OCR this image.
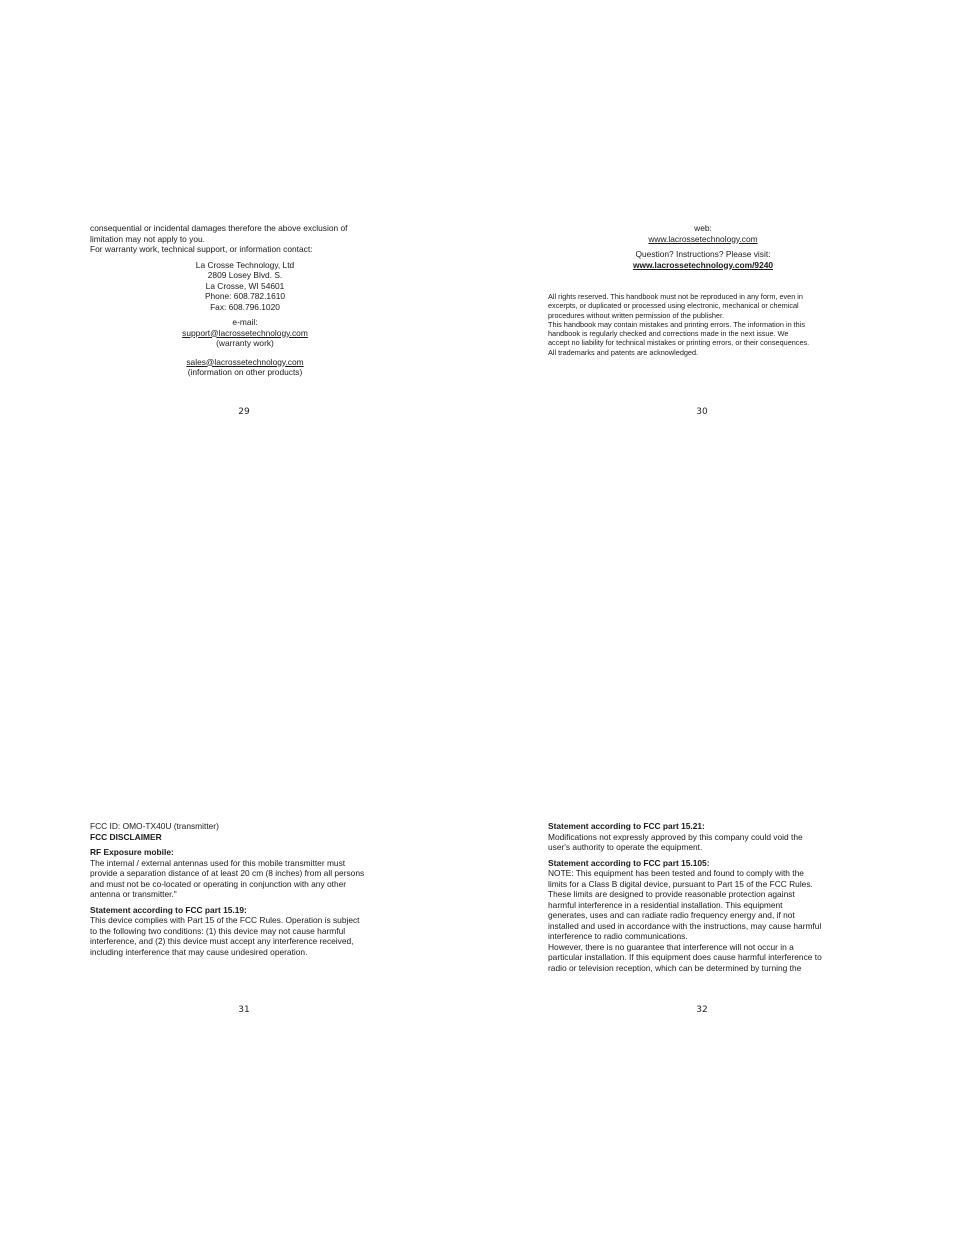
consequential or incidental damages therefore the above exclusion of

limitation may not apply to you.

For warranty work, technical support, or information contact:

La Crosse Technology, Ltd

2809 Losey Blvd. S.

La Crosse, WI 54601

Phone: 608.782.1610

Fax: 608.796.1020

e-mail:

support@lacrossetechnology.com

(warranty work)

sales@lacrossetechnology.com

(information on other products)

29

web:

www.lacrossetechnology.com

Question? Instructions? Please visit:

www.lacrossetechnology.com/9240

All rights reserved. This handbook must not be reproduced in any form, even in

excerpts, or duplicated or processed using electronic, mechanical or chemical

procedures without written permission of the publisher.

This handbook may contain mistakes and printing errors. The information in this

handbook is regularly checked and corrections made in the next issue. We

accept no liability for technical mistakes or printing errors, or their consequences.

All trademarks and patents are acknowledged.

30

FCC ID: OMO-TX40U (transmitter)

FCC DISCLAIMER

RF Exposure mobile:

The internal / external antennas used for this mobile transmitter must

provide a separation distance of at least 20 cm (8 inches) from all persons

and must not be co-located or operating in conjunction with any other

antenna or transmitter."

Statement according to FCC part 15.19:

This device complies with Part 15 of the FCC Rules. Operation is subject

to the following two conditions: (1) this device may not cause harmful

interference, and (2) this device must accept any interference received,

including interference that may cause undesired operation.

31

Statement according to FCC part 15.21:

Modifications not expressly approved by this company could void the

user's authority to operate the equipment.

Statement according to FCC part 15.105:

NOTE: This equipment has been tested and found to comply with the

limits for a Class B digital device, pursuant to Part 15 of the FCC Rules.

These limits are designed to provide reasonable protection against

harmful interference in a residential installation. This equipment

generates, uses and can radiate radio frequency energy and, if not

installed and used in accordance with the instructions, may cause harmful

interference to radio communications.

However, there is no guarantee that interference will not occur in a

particular installation. If this equipment does cause harmful interference to

radio or television reception, which can be determined by turning the

32
